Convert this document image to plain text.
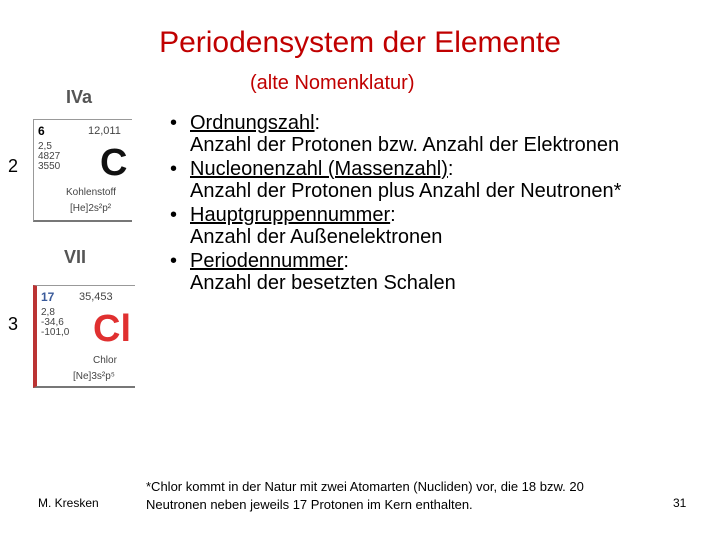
Periodensystem der Elemente
(alte Nomenklatur)
IVa
2
6	12,011
2,5
4827
3550 C
Kohlenstoff
[He]2s²p²
VII
3
17 35,453
2,8
-34,6
-101,0 Cl
Chlor
[Ne]3s²p⁵
• Ordnungszahl:
Anzahl der Protonen bzw. Anzahl der Elektronen
• Nucleonenzahl (Massenzahl):
Anzahl der Protonen plus Anzahl der Neutronen*
• Hauptgruppennummer:
Anzahl der Außenelektronen
• Periodennummer:
Anzahl der besetzten Schalen
M. Kresken
*Chlor kommt in der Natur mit zwei Atomarten (Nucliden) vor, die 18 bzw. 20 Neutronen neben jeweils 17 Protonen im Kern enthalten.	31
